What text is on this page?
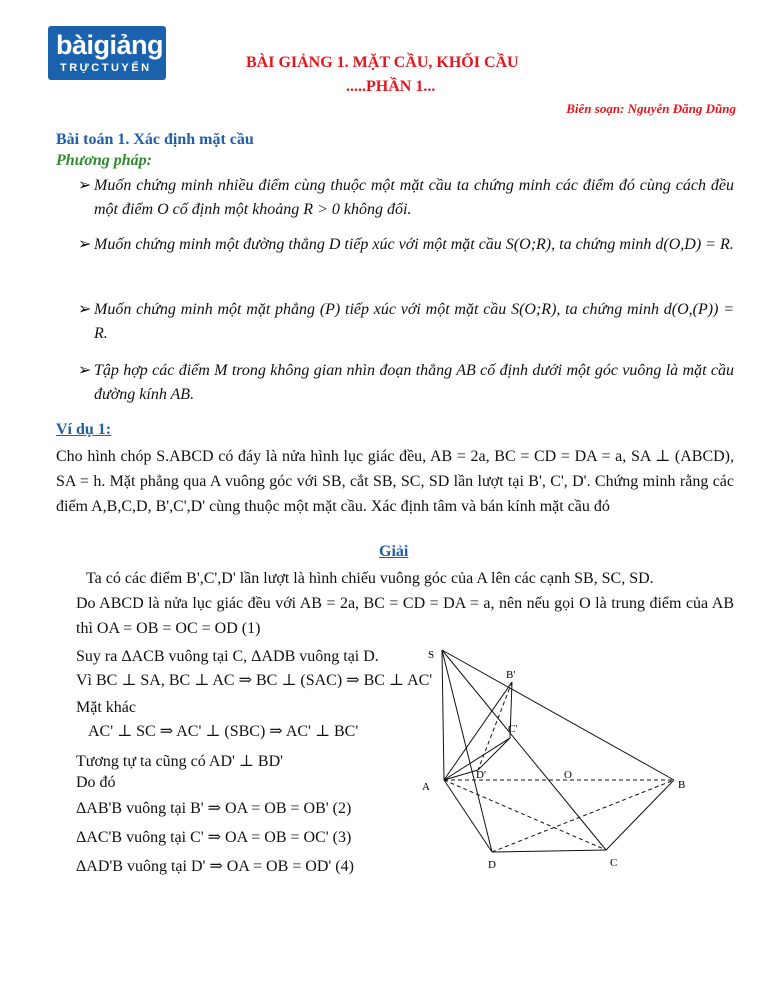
bàigiảng
TRỰCTUYẾN	BÀI GIẢNG 1. MẶT CẦU, KHỐI CẦU
.....PHẦN 1...
Biên soạn: Nguyễn Đăng Dũng
Bài toán 1. Xác định mặt cầu
Phương pháp:
➢ Muốn chứng minh nhiều điểm cùng thuộc một mặt cầu ta chứng minh các điểm đó cùng cách đều một điểm O cố định một khoảng R > 0 không đổi.
➢ Muốn chứng minh một đường thẳng D tiếp xúc với một mặt cầu S(O;R), ta chứng minh d(O,D) = R.
➢ Muốn chứng minh một mặt phẳng (P) tiếp xúc với một mặt cầu S(O;R), ta chứng minh d(O,(P)) = R.
➢ Tập hợp các điểm M trong không gian nhìn đoạn thẳng AB cố định dưới một góc vuông là mặt cầu đường kính AB.
Ví dụ 1:
Cho hình chóp S.ABCD có đáy là nửa hình lục giác đều, AB = 2a, BC = CD = DA = a, SA ⊥ (ABCD), SA = h. Mặt phẳng qua A vuông góc với SB, cắt SB, SC, SD lần lượt tại B', C', D'. Chứng minh rằng các điểm A,B,C,D, B',C',D' cùng thuộc một mặt cầu. Xác định tâm và bán kính mặt cầu đó
Giải
Ta có các điểm B',C',D' lần lượt là hình chiếu vuông góc của A lên các cạnh SB, SC, SD.
Do ABCD là nửa lục giác đều với AB = 2a, BC = CD = DA = a, nên nếu gọi O là trung điểm của AB thì OA = OB = OC = OD (1)
Suy ra ΔACB vuông tại C, ΔADB vuông tại D.
Vì BC ⊥ SA, BC ⊥ AC ⇒ BC ⊥ (SAC) ⇒ BC ⊥ AC'
Mặt khác
AC' ⊥ SC ⇒ AC' ⊥ (SBC) ⇒ AC' ⊥ BC'
Tương tự ta cũng có AD' ⊥ BD'
Do đó
ΔAB'B vuông tại B' ⇒ OA = OB = OB' (2)
ΔAC'B vuông tại C' ⇒ OA = OB = OC' (3)
ΔAD'B vuông tại D' ⇒ OA = OB = OD' (4)
S
A	B
C
D
O
B'
C'
D'
